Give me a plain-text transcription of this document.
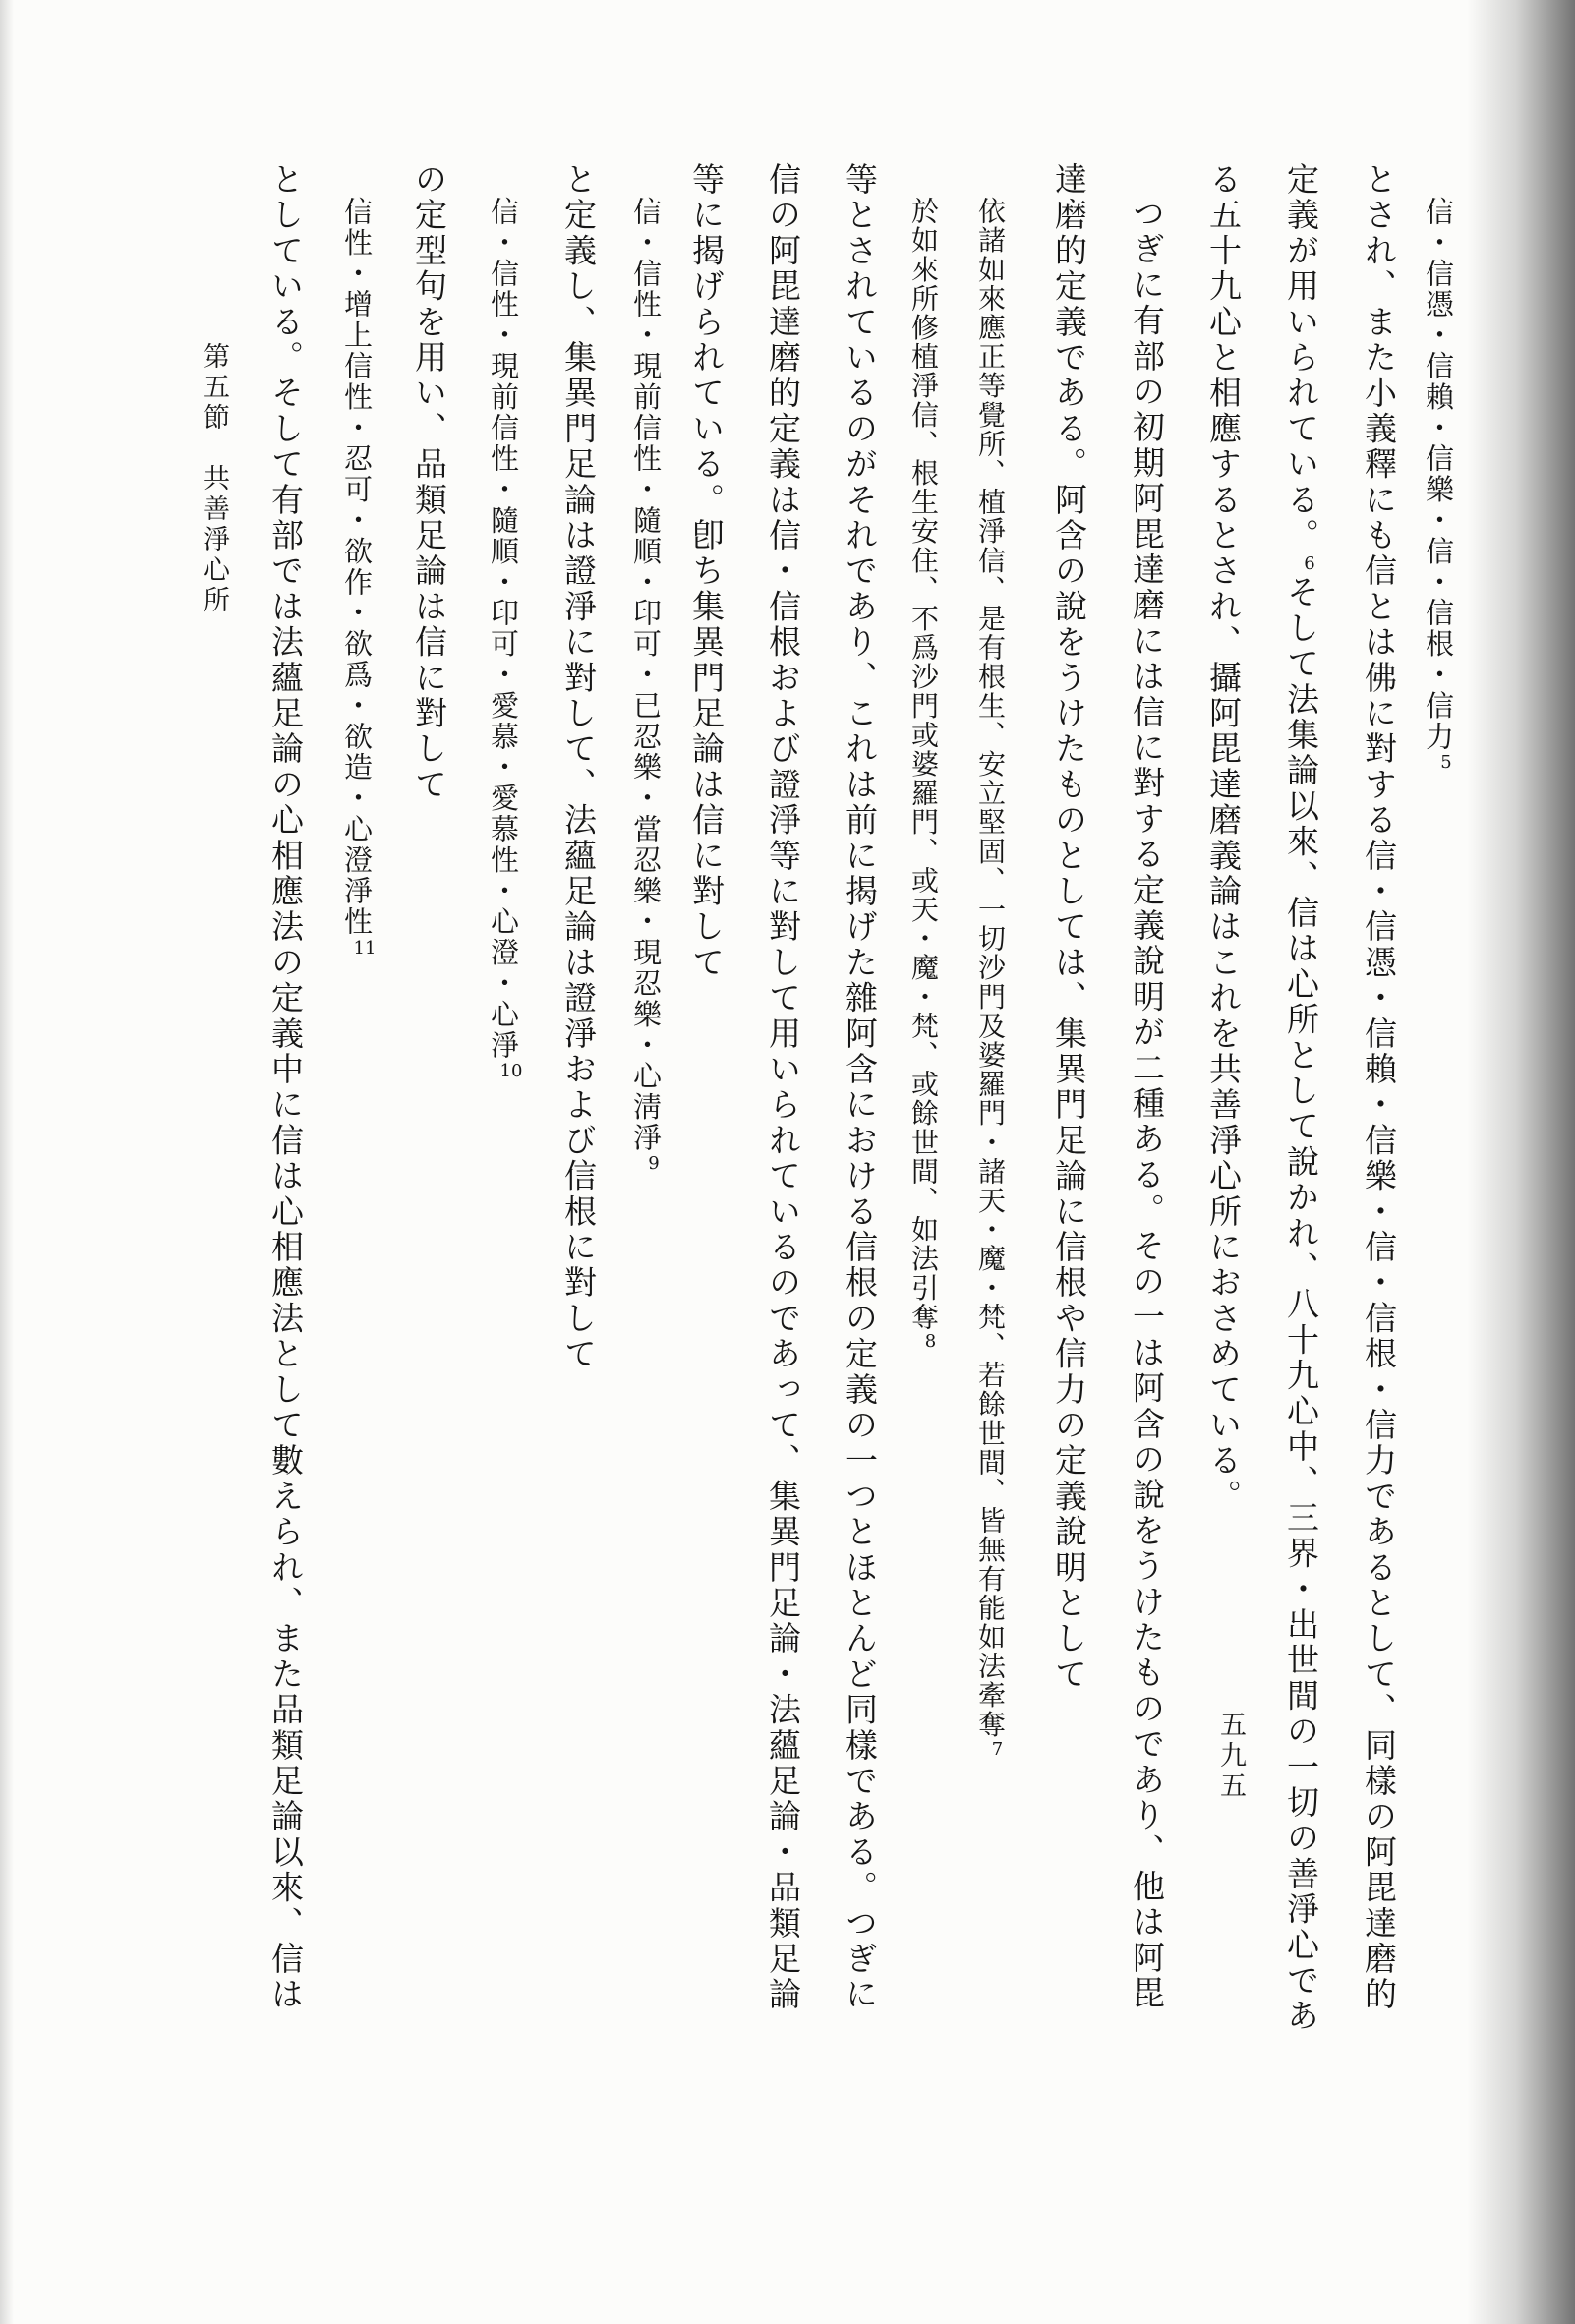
信・信憑・信賴・信樂・信・信根・信力5
とされ、また小義釋にも信とは佛に對する信・信憑・信賴・信樂・信・信根・信力であるとして、同樣の阿毘達磨的
定義が用いられている。6そして法集論以來、信は心所として說かれ、八十九心中、三界・出世間の一切の善淨心であ
る五十九心と相應するとされ、攝阿毘達磨義論はこれを共善淨心所におさめている。
つぎに有部の初期阿毘達磨には信に對する定義說明が二種ある。その一は阿含の說をうけたものであり、他は阿毘
達磨的定義である。阿含の說をうけたものとしては、集異門足論に信根や信力の定義說明として
依諸如來應正等覺所、植淨信、是有根生、安立堅固、一切沙門及婆羅門・諸天・魔・梵、若餘世間、皆無有能如法牽奪7
於如來所修植淨信、根生安住、不爲沙門或婆羅門、或天・魔・梵、或餘世間、如法引奪8
等とされているのがそれであり、これは前に揭げた雜阿含における信根の定義の一つとほとんど同樣である。つぎに
信の阿毘達磨的定義は信・信根および證淨等に對して用いられているのであって、集異門足論・法蘊足論・品類足論
等に揭げられている。卽ち集異門足論は信に對して
信・信性・現前信性・隨順・印可・已忍樂・當忍樂・現忍樂・心淸淨9
と定義し、集異門足論は證淨に對して、法蘊足論は證淨および信根に對して
信・信性・現前信性・隨順・印可・愛慕・愛慕性・心澄・心淨10
の定型句を用い、品類足論は信に對して
信性・增上信性・忍可・欲作・欲爲・欲造・心澄淨性11
としている。そして有部では法蘊足論の心相應法の定義中に信は心相應法として數えられ、また品類足論以來、信は
第五節　共善淨心所
五九五
